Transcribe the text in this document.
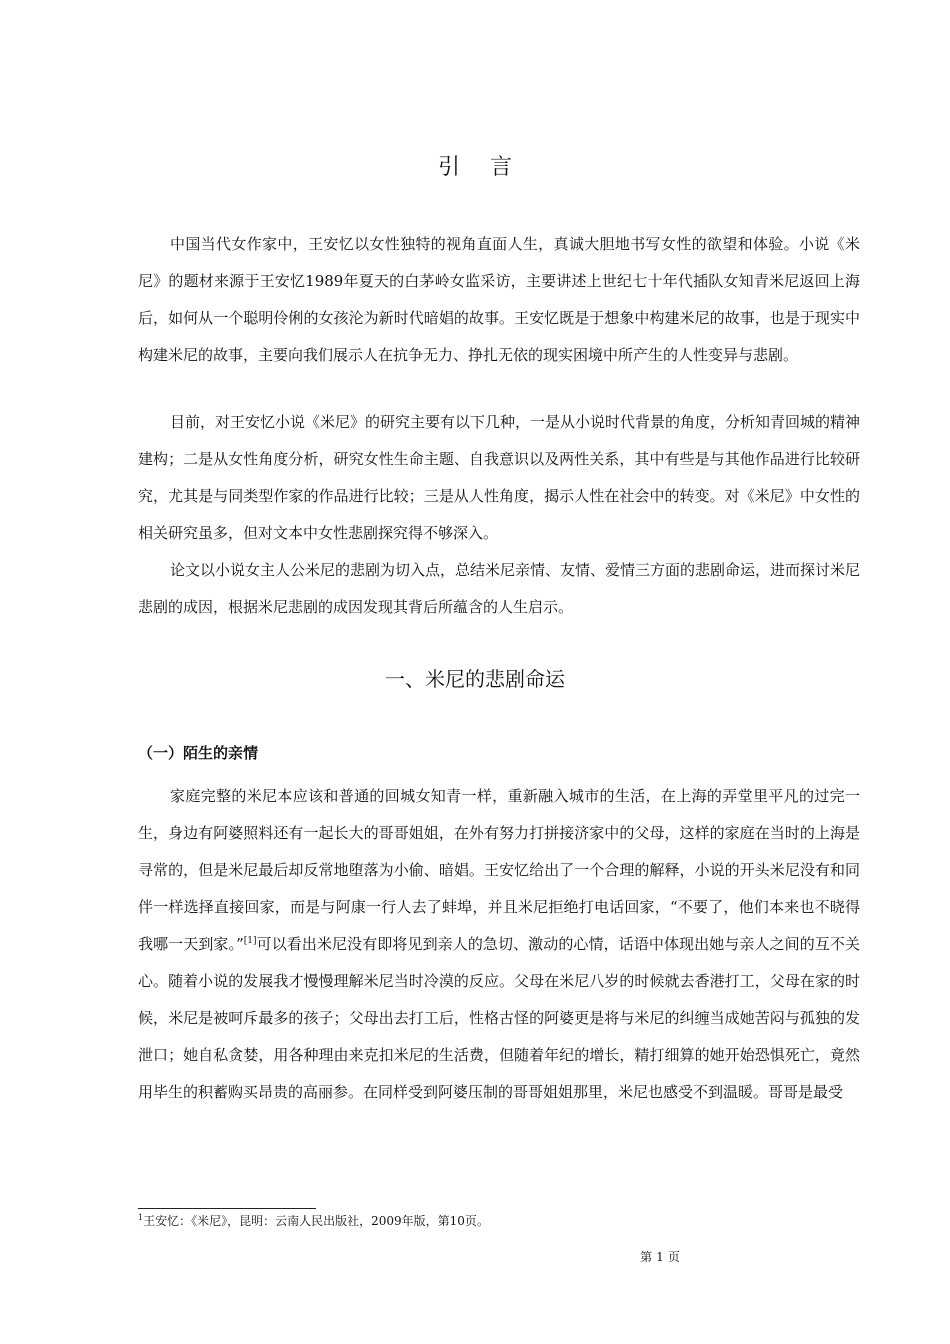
引言

中国当代女作家中，王安忆以女性独特的视角直面人生，真诚大胆地书写女性的欲望和体验。小说《米尼》的题材来源于王安忆1989年夏天的白茅岭女监采访，主要讲述上世纪七十年代插队女知青米尼返回上海后，如何从一个聪明伶俐的女孩沦为新时代暗娼的故事。王安忆既是于想象中构建米尼的故事，也是于现实中构建米尼的故事，主要向我们展示人在抗争无力、挣扎无依的现实困境中所产生的人性变异与悲剧。

目前，对王安忆小说《米尼》的研究主要有以下几种，一是从小说时代背景的角度，分析知青回城的精神建构；二是从女性角度分析，研究女性生命主题、自我意识以及两性关系，其中有些是与其他作品进行比较研究，尤其是与同类型作家的作品进行比较；三是从人性角度，揭示人性在社会中的转变。对《米尼》中女性的相关研究虽多，但对文本中女性悲剧探究得不够深入。

论文以小说女主人公米尼的悲剧为切入点，总结米尼亲情、友情、爱情三方面的悲剧命运，进而探讨米尼悲剧的成因，根据米尼悲剧的成因发现其背后所蕴含的人生启示。

一、米尼的悲剧命运
（一）陌生的亲情

家庭完整的米尼本应该和普通的回城女知青一样，重新融入城市的生活，在上海的弄堂里平凡的过完一生，身边有阿婆照料还有一起长大的哥哥姐姐，在外有努力打拼接济家中的父母，这样的家庭在当时的上海是寻常的，但是米尼最后却反常地堕落为小偷、暗娼。王安忆给出了一个合理的解释，小说的开头米尼没有和同伴一样选择直接回家，而是与阿康一行人去了蚌埠，并且米尼拒绝打电话回家，“不要了，他们本来也不晓得我哪一天到家。”[1]可以看出米尼没有即将见到亲人的急切、激动的心情，话语中体现出她与亲人之间的互不关心。随着小说的发展我才慢慢理解米尼当时冷漠的反应。父母在米尼八岁的时候就去香港打工，父母在家的时候，米尼是被呵斥最多的孩子；父母出去打工后，性格古怪的阿婆更是将与米尼的纠缠当成她苦闷与孤独的发泄口；她自私贪婪，用各种理由来克扣米尼的生活费，但随着年纪的增长，精打细算的她开始恐惧死亡，竟然用毕生的积蓄购买昂贵的高丽参。在同样受到阿婆压制的哥哥姐姐那里，米尼也感受不到温暖。哥哥是最受

$^1$王安忆：《米尼》，昆明：云南人民出版社，2009年版，第10页。
第 1 页
